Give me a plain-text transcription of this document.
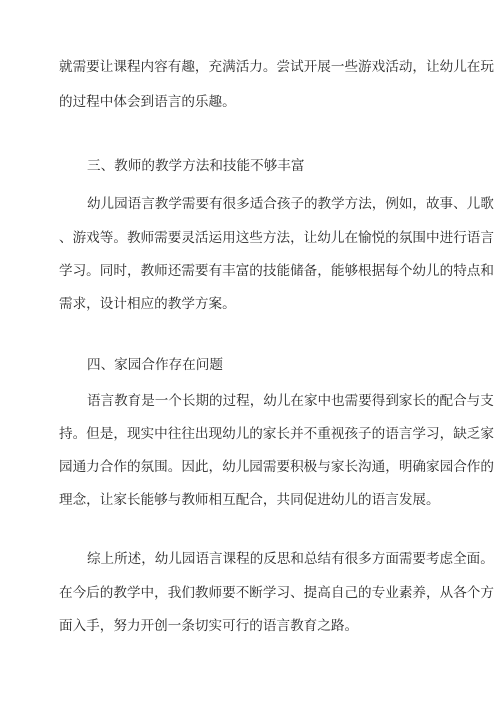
就需要让课程内容有趣，充满活力。尝试开展一些游戏活动，让幼儿在玩
的过程中体会到语言的乐趣。
三、教师的教学方法和技能不够丰富
幼儿园语言教学需要有很多适合孩子的教学方法，例如，故事、儿歌
、游戏等。教师需要灵活运用这些方法，让幼儿在愉悦的氛围中进行语言
学习。同时，教师还需要有丰富的技能储备，能够根据每个幼儿的特点和
需求，设计相应的教学方案。
四、家园合作存在问题
语言教育是一个长期的过程，幼儿在家中也需要得到家长的配合与支
持。但是，现实中往往出现幼儿的家长并不重视孩子的语言学习，缺乏家
园通力合作的氛围。因此，幼儿园需要积极与家长沟通，明确家园合作的
理念，让家长能够与教师相互配合，共同促进幼儿的语言发展。
综上所述，幼儿园语言课程的反思和总结有很多方面需要考虑全面。
在今后的教学中，我们教师要不断学习、提高自己的专业素养，从各个方
面入手，努力开创一条切实可行的语言教育之路。
